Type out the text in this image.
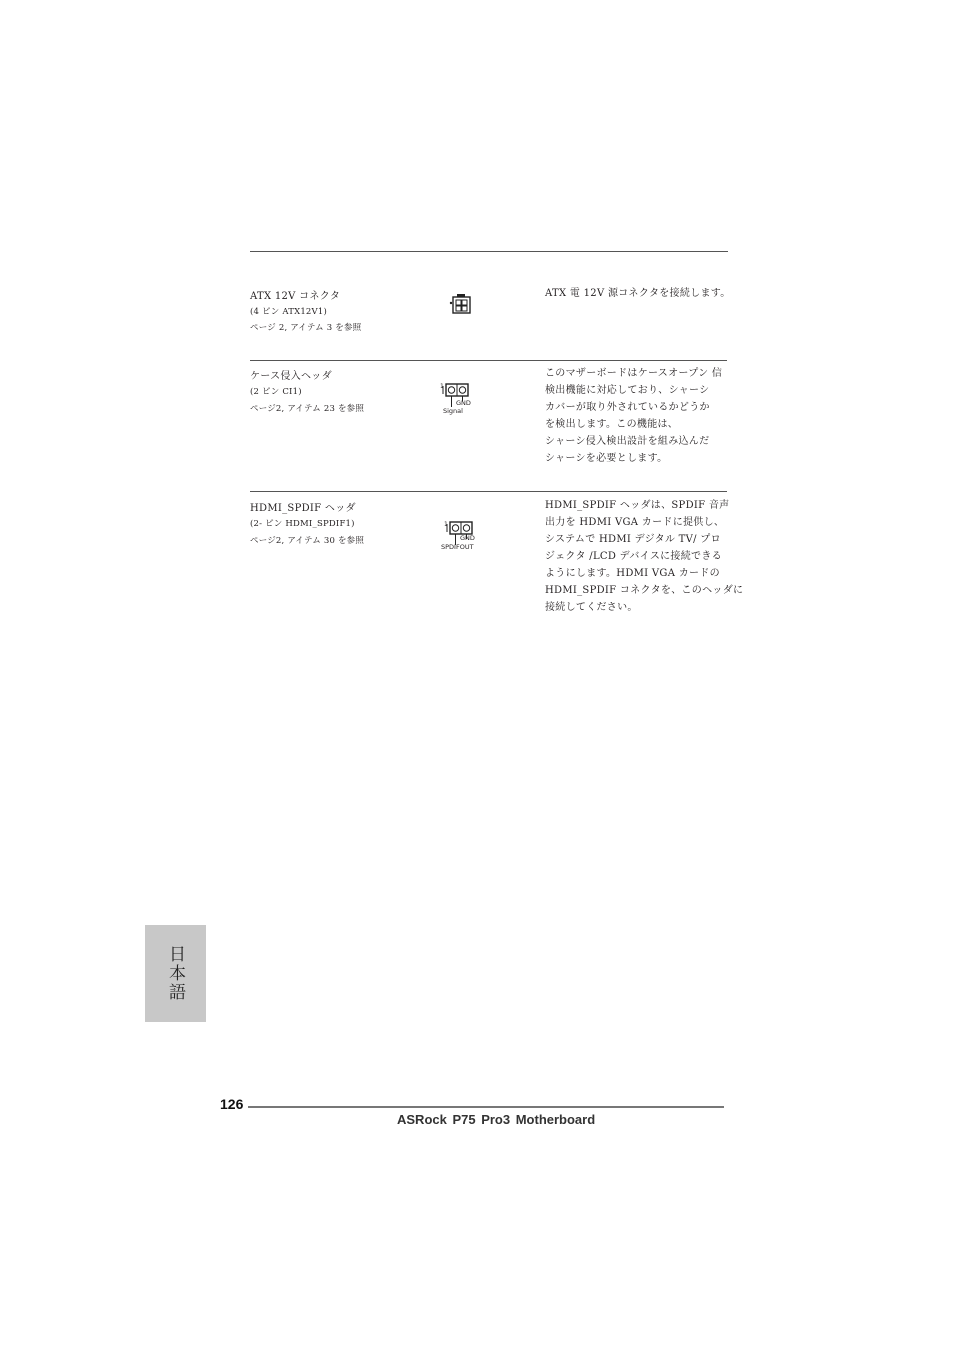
ATX 12V コネクタ
(4 ピン ATX12V1)
ページ 2, アイテム 3 を参照
ATX 電 12V 源コネクタを接続します。
ケース侵入ヘッダ
(2 ピン CI1)
ページ2, アイテム 23 を参照
1
GND
Signal
このマザーボードはケースオープン 信
検出機能に対応しており、シャーシ
カバーが取り外されているかどうか
を検出します。この機能は、
シャーシ侵入検出設計を組み込んだ
シャーシを必要とします。
HDMI_SPDIF ヘッダ
(2- ピン HDMI_SPDIF1)
ページ2, アイテム 30 を参照
1
GND
SPDIFOUT
HDMI_SPDIF ヘッダは、SPDIF 音声
出力を HDMI VGA カードに提供し、
システムで HDMI デジタル TV/ プロ
ジェクタ /LCD デバイスに接続できる
ようにします。HDMI VGA カードの
HDMI_SPDIF コネクタを、このヘッダに
接続してください。
日本語
126
ASRock P75 Pro3 Motherboard
